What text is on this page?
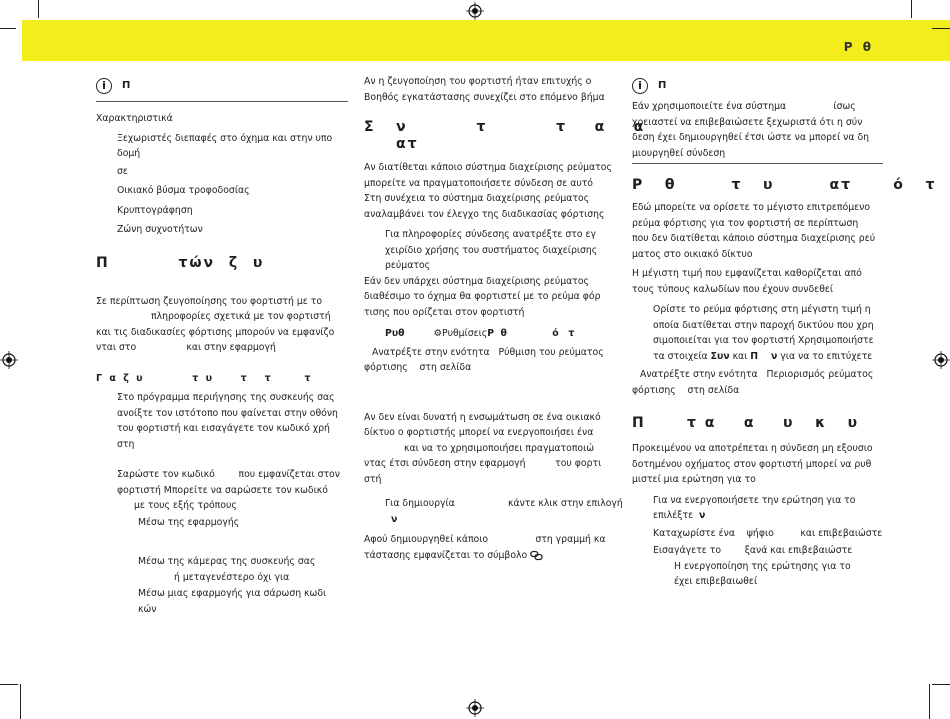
Ρ θ
i	Π

Χαρακτηριστικά

Ξεχωριστές διεπαφές στο όχημα και στην υπο

δομή

σε

Οικιακό βύσμα τροφοδοσίας

Κρυπτογράφηση

Ζώνη συχνοτήτων

Π          τών  ζ  υ

Σε περίπτωση ζευγοποίησης του φορτιστή με το

πληροφορίες σχετικά με τον φορτιστή

και τις διαδικασίες φόρτισης μπορούν να εμφανίζο

νται στο                 και στην εφαρμογή

Γ α ζ υ         τ υ     τ   τ      τ

Στο πρόγραμμα περιήγησης της συσκευής σας

ανοίξτε τον ιστότοπο που φαίνεται στην οθόνη

του φορτιστή και εισαγάγετε τον κωδικό χρή

στη

Σαρώστε τον κωδικό        που εμφανίζεται στον

φορτιστή Μπορείτε να σαρώσετε τον κωδικό

με τους εξής τρόπους

Μέσω της εφαρμογής

Μέσω της κάμερας της συσκευής σας

ή μεταγενέστερο όχι για

Μέσω μιας εφαρμογής για σάρωση κωδι

κών

Αν η ζευγοποίηση του φορτιστή ήταν επιτυχής ο

Βοηθός εγκατάστασης συνεχίζει στο επόμενο βήμα

Σ   ν          τ          τ    α    α
ατ

Αν διατίθεται κάποιο σύστημα διαχείρισης ρεύματος

μπορείτε να πραγματοποιήσετε σύνδεση σε αυτό

Στη συνέχεια το σύστημα διαχείρισης ρεύματος

αναλαμβάνει τον έλεγχο της διαδικασίας φόρτισης

Για πληροφορίες σύνδεσης ανατρέξτε στο εγ

χειρίδιο χρήσης του συστήματος διαχείρισης

ρεύματος

Εάν δεν υπάρχει σύστημα διαχείρισης ρεύματος

διαθέσιμο το όχημα θα φορτιστεί με το ρεύμα φόρ

τισης που ορίζεται στον φορτιστή

Ρυθ	⚙ΡυθμίσειςΡ  θ              ό   τ

Ανατρέξτε στην ενότητα   Ρύθμιση του ρεύματος

φόρτισης    στη σελίδα

Αν δεν είναι δυνατή η ενσωμάτωση σε ένα οικιακό

δίκτυο ο φορτιστής μπορεί να ενεργοποιήσει ένα

και να το χρησιμοποιήσει πραγματοποιώ

ντας έτσι σύνδεση στην εφαρμογή          του φορτι

στή

Για δημιουργία                  κάντε κλικ στην επιλογή

ν

Αφού δημιουργηθεί κάποιο                στη γραμμή κα

τάστασης εμφανίζεται το σύμβολο

i	Π

Εάν χρησιμοποιείτε ένα σύστημα                ίσως

χρειαστεί να επιβεβαιώσετε ξεχωριστά ότι η σύν

δεση έχει δημιουργηθεί έτσι ώστε να μπορεί να δη

μιουργηθεί σύνδεση

Ρ   θ        τ   υ        ατ      ό   τ

Εδώ μπορείτε να ορίσετε το μέγιστο επιτρεπόμενο

ρεύμα φόρτισης για τον φορτιστή σε περίπτωση

που δεν διατίθεται κάποιο σύστημα διαχείρισης ρεύ

ματος στο οικιακό δίκτυο

Η μέγιστη τιμή που εμφανίζεται καθορίζεται από

τους τύπους καλωδίων που έχουν συνδεθεί

Ορίστε το ρεύμα φόρτισης στη μέγιστη τιμή η

οποία διατίθεται στην παροχή δικτύου που χρη

σιμοποιείται για τον φορτιστή Χρησιμοποιήστε

τα στοιχεία Συν και Π    ν για να το επιτύχετε

Ανατρέξτε στην ενότητα   Περιορισμός ρεύματος

φόρτισης    στη σελίδα

Π      τ α    α    υ   κ   υ

Προκειμένου να αποτρέπεται η σύνδεση μη εξουσιο

δοτημένου οχήματος στον φορτιστή μπορεί να ρυθ

μιστεί μια ερώτηση για το

Για να ενεργοποιήσετε την ερώτηση για το

επιλέξτε  ν

Καταχωρίστε ένα    ψήφιο         και επιβεβαιώστε

Εισαγάγετε το        ξανά και επιβεβαιώστε

Η ενεργοποίηση της ερώτησης για το

έχει επιβεβαιωθεί
